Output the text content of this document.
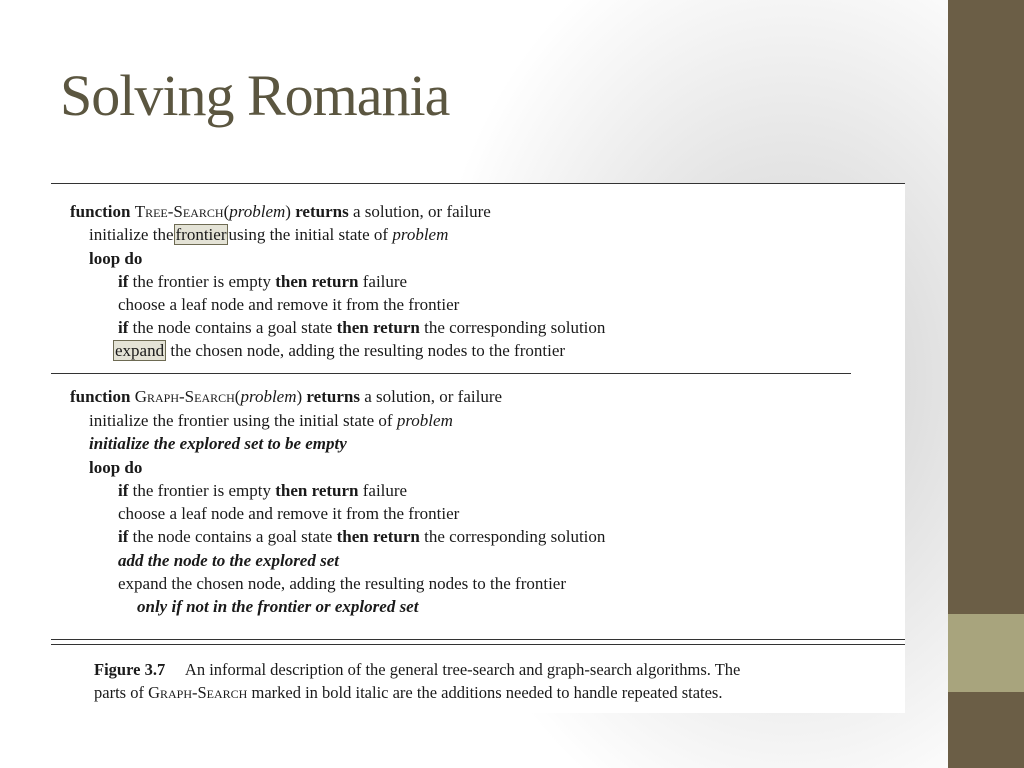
Solving Romania
function Tree-Search(problem) returns a solution, or failure
initialize the frontier using the initial state of problem
loop do
if the frontier is empty then return failure
choose a leaf node and remove it from the frontier
if the node contains a goal state then return the corresponding solution
expand the chosen node, adding the resulting nodes to the frontier
function Graph-Search(problem) returns a solution, or failure
initialize the frontier using the initial state of problem
initialize the explored set to be empty
loop do
if the frontier is empty then return failure
choose a leaf node and remove it from the frontier
if the node contains a goal state then return the corresponding solution
add the node to the explored set
expand the chosen node, adding the resulting nodes to the frontier
only if not in the frontier or explored set
Figure 3.7 An informal description of the general tree-search and graph-search algorithms. The
parts of Graph-Search marked in bold italic are the additions needed to handle repeated states.
